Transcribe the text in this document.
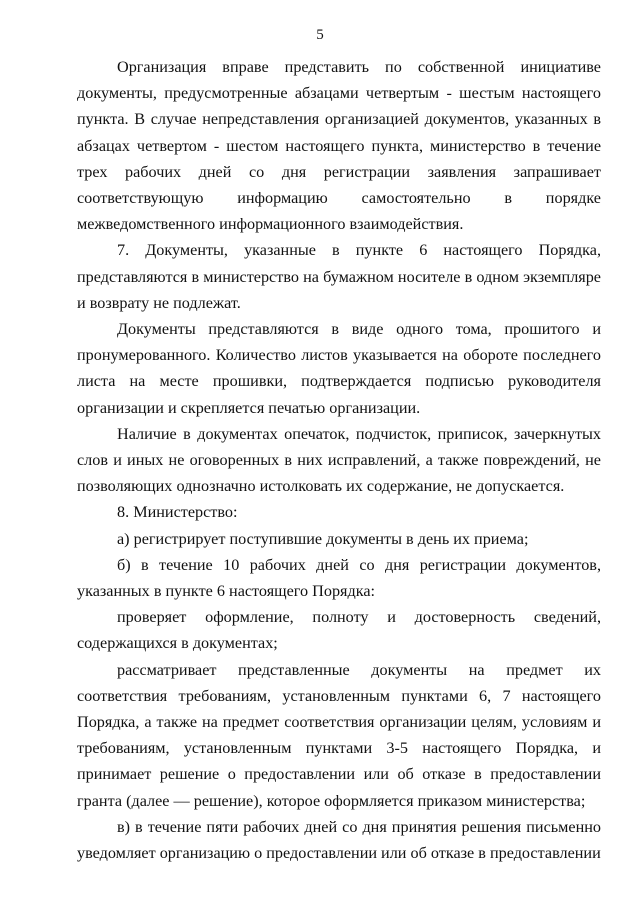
5

Организация вправе представить по собственной инициативе документы, предусмотренные абзацами четвертым - шестым настоящего пункта. В случае непредставления организацией документов, указанных в абзацах четвертом - шестом настоящего пункта, министерство в течение трех рабочих дней со дня регистрации заявления запрашивает соответствующую информацию самостоятельно в порядке межведомственного информационного взаимодействия.

7. Документы, указанные в пункте 6 настоящего Порядка, представляются в министерство на бумажном носителе в одном экземпляре и возврату не подлежат.

Документы представляются в виде одного тома, прошитого и пронумерованного. Количество листов указывается на обороте последнего листа на месте прошивки, подтверждается подписью руководителя организации и скрепляется печатью организации.

Наличие в документах опечаток, подчисток, приписок, зачеркнутых слов и иных не оговоренных в них исправлений, а также повреждений, не позволяющих однозначно истолковать их содержание, не допускается.

8. Министерство:

а) регистрирует поступившие документы в день их приема;

б) в течение 10 рабочих дней со дня регистрации документов, указанных в пункте 6 настоящего Порядка:

проверяет оформление, полноту и достоверность сведений, содержащихся в документах;

рассматривает представленные документы на предмет их соответствия требованиям, установленным пунктами 6, 7 настоящего Порядка, а также на предмет соответствия организации целям, условиям и требованиям, установленным пунктами 3-5 настоящего Порядка, и принимает решение о предоставлении или об отказе в предоставлении гранта (далее — решение), которое оформляется приказом министерства;

в) в течение пяти рабочих дней со дня принятия решения письменно уведомляет организацию о предоставлении или об отказе в предоставлении
